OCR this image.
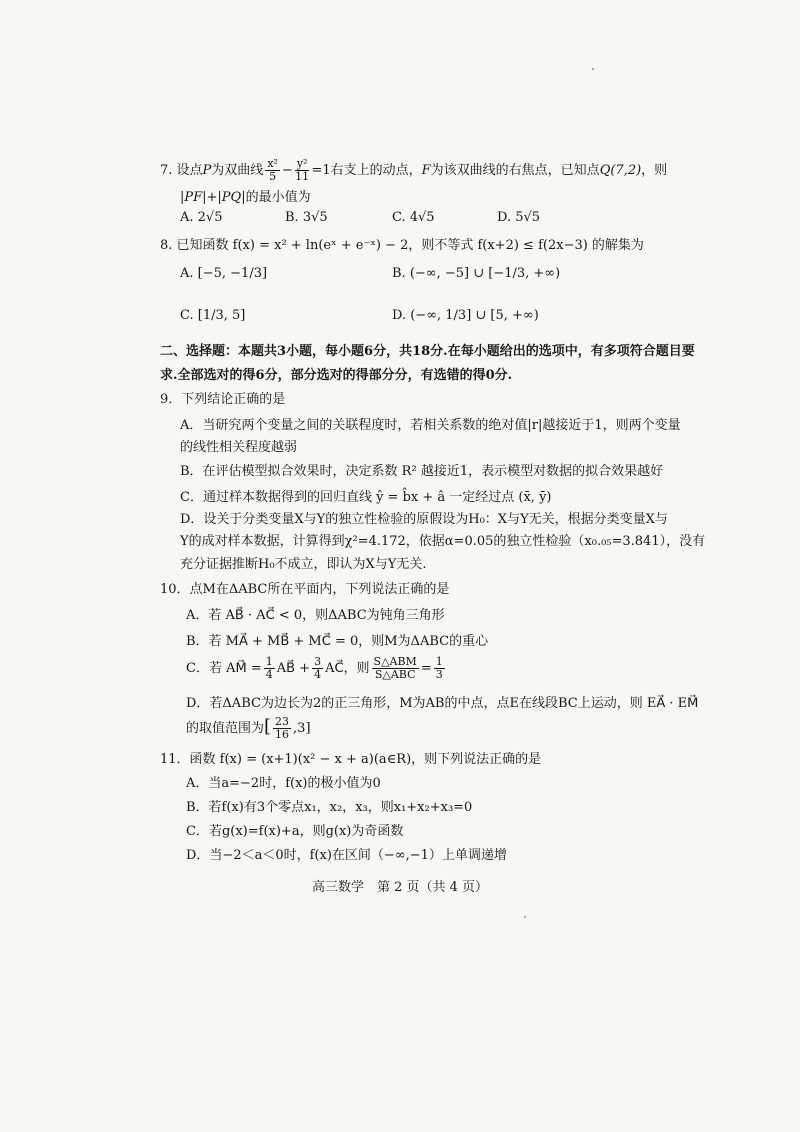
7. 设点P为双曲线 $\frac{\text{x²}}{5} - \frac{\text{y²}}{11} =1$右支上的动点，F为该双曲线的右焦点，已知点Q(7,2)，则
|PF|+|PQ|的最小值为
A. 2√5	B. 3√5	C. 4√5	D. 5√5
8. 已知函数 f(x) = x² + ln(eˣ + e⁻ˣ) − 2，则不等式 f(x+2) ≤ f(2x−3) 的解集为
A. [−5, −1/3]	B. (−∞, −5] ∪ [−1/3, +∞)
C. [1/3, 5]	D. (−∞, 1/3] ∪ [5, +∞)
二、选择题：本题共3小题，每小题6分，共18分.在每小题给出的选项中，有多项符合题目要
求.全部选对的得6分，部分选对的得部分分，有选错的得0分.
9．下列结论正确的是
A．当研究两个变量之间的关联程度时，若相关系数的绝对值|r|越接近于1，则两个变量
的线性相关程度越弱
B．在评估模型拟合效果时，决定系数 R² 越接近1，表示模型对数据的拟合效果越好
C．通过样本数据得到的回归直线 ŷ = b̂x + â 一定经过点 (x̄, ȳ)
D．设关于分类变量X与Y的独立性检验的原假设为H₀：X与Y无关，根据分类变量X与
Y的成对样本数据，计算得到χ²=4.172，依据α=0.05的独立性检验（x₀.₀₅=3.841），没有
充分证据推断H₀不成立，即认为X与Y无关.
10．点M在ΔABC所在平面内，下列说法正确的是
A．若 AB⃗ · AC⃗ < 0，则ΔABC为钝角三角形
B．若 MA⃗ + MB⃗ + MC⃗ = 0，则M为ΔABC的重心
C．若 AM⃗ = $\frac{1}{4}$ AB⃗ + $\frac{3}{4}$ AC⃗，则 $\frac{\text{S△ABM}}{\text{S△ABC}} = \frac{1}{3}$
D．若ΔABC为边长为2的正三角形，M为AB的中点，点E在线段BC上运动，则 EA⃗ · EM⃗
的取值范围为[ $\frac{23}{16} ,3$]
11．函数 f(x) = (x+1)(x² − x + a)(a∈R)，则下列说法正确的是
A．当a=−2时，f(x)的极小值为0
B．若f(x)有3个零点x₁，x₂，x₃，则x₁+x₂+x₃=0
C．若g(x)=f(x)+a，则g(x)为奇函数
D．当−2＜a＜0时，f(x)在区间（−∞,−1）上单调递增
高三数学　第 2 页（共 4 页）
